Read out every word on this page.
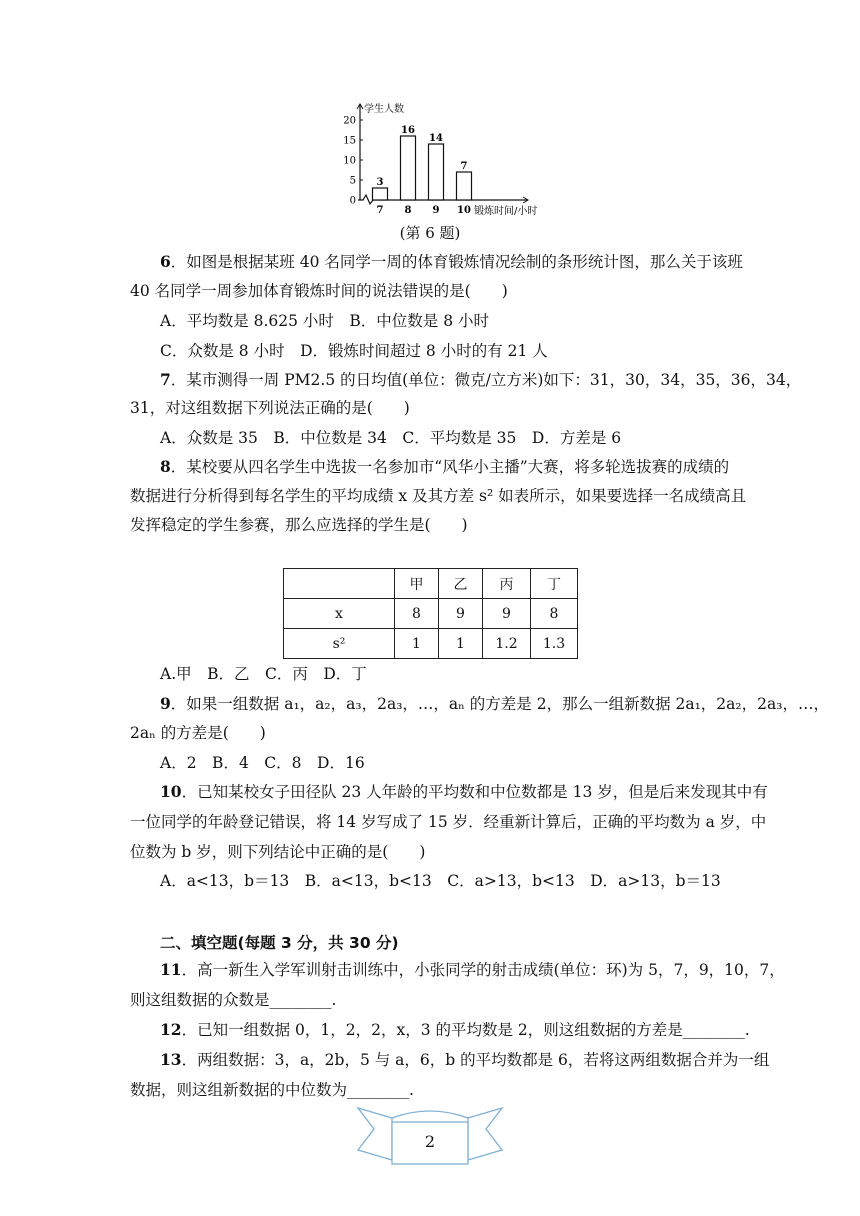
0
5
10
15
20
学生人数
3
7
16
8
14
9
7
10 锻炼时间/小时
(第 6 题)
6．如图是根据某班 40 名同学一周的体育锻炼情况绘制的条形统计图，那么关于该班
40 名同学一周参加体育锻炼时间的说法错误的是(　　)
A．平均数是 8.625 小时　B．中位数是 8 小时
C．众数是 8 小时　D．锻炼时间超过 8 小时的有 21 人
7．某市测得一周 PM2.5 的日均值(单位：微克/立方米)如下：31，30，34，35，36，34，
31，对这组数据下列说法正确的是(　　)
A．众数是 35　B．中位数是 34　C．平均数是 35　D．方差是 6
8．某校要从四名学生中选拔一名参加市“风华小主播”大赛，将多轮选拔赛的成绩的
数据进行分析得到每名学生的平均成绩 x 及其方差 s² 如表所示，如果要选择一名成绩高且
发挥稳定的学生参赛，那么应选择的学生是(　　)
	甲	乙	丙	丁
x	8	9	9	8
s²	1	1	1.2	1.3
A.甲　B．乙　C．丙　D．丁
9．如果一组数据 a₁，a₂，a₃，2a₃，…，aₙ 的方差是 2，那么一组新数据 2a₁，2a₂，2a₃，…，
2aₙ 的方差是(　　)
A．2　B．4　C．8　D．16
10．已知某校女子田径队 23 人年龄的平均数和中位数都是 13 岁，但是后来发现其中有
一位同学的年龄登记错误，将 14 岁写成了 15 岁．经重新计算后，正确的平均数为 a 岁，中
位数为 b 岁，则下列结论中正确的是(　　)
A．a<13，b＝13　B．a<13，b<13　C．a>13，b<13　D．a>13，b＝13
二、填空题(每题 3 分，共 30 分)
11．高一新生入学军训射击训练中，小张同学的射击成绩(单位：环)为 5，7，9，10，7，
则这组数据的众数是________.
12．已知一组数据 0，1，2，2，x，3 的平均数是 2，则这组数据的方差是________.
13．两组数据：3，a，2b，5 与 a，6，b 的平均数都是 6，若将这两组数据合并为一组
数据，则这组新数据的中位数为________.
2
